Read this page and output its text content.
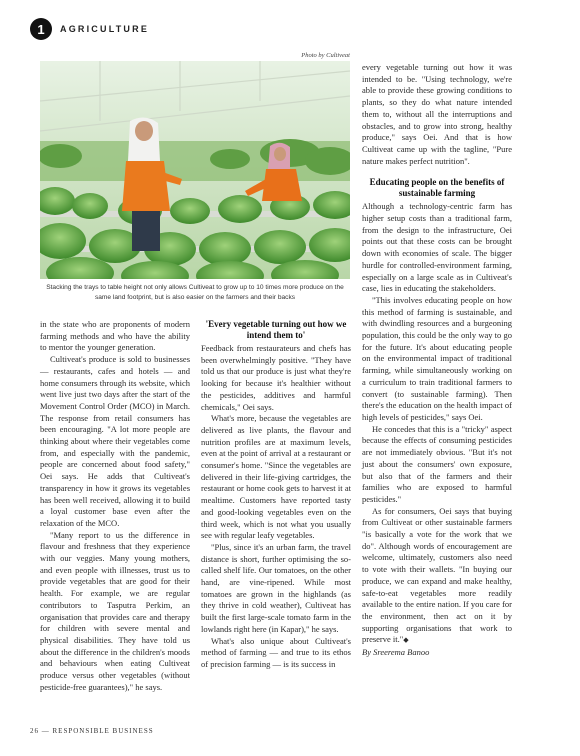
1	AGRICULTURE
Photo by Cultiveat
Stacking the trays to table height not only allows Cultiveat to grow up to 10 times more produce on the same land footprint, but is also easier on the farmers and their backs

in the state who are proponents of modern farming methods and who have the ability to mentor the younger generation.

Cultiveat's produce is sold to businesses — restaurants, cafes and hotels — and home consumers through its website, which went live just two days after the start of the Movement Control Order (MCO) in March. The response from retail consumers has been encouraging. "A lot more people are thinking about where their vegetables come from, and especially with the pandemic, people are concerned about food safety," Oei says. He adds that Cultiveat's transparency in how it grows its vegetables has been well received, allowing it to build a loyal customer base even after the relaxation of the MCO.

"Many report to us the difference in flavour and freshness that they experience with our veggies. Many young mothers, and even people with illnesses, trust us to provide vegetables that are good for their health. For example, we are regular contributors to Tasputra Perkim, an organisation that provides care and therapy for children with severe mental and physical disabilities. They have told us about the difference in the children's moods and behaviours when eating Cultiveat produce versus other vegetables (without pesticide-free guarantees)," he says.

'Every vegetable turning out how we intend them to'

Feedback from restaurateurs and chefs has been overwhelmingly positive. "They have told us that our produce is just what they're looking for because it's healthier without the pesticides, additives and harmful chemicals," Oei says.

What's more, because the vegetables are delivered as live plants, the flavour and nutrition profiles are at maximum levels, even at the point of arrival at a restaurant or consumer's home. "Since the vegetables are delivered in their life-giving cartridges, the restaurant or home cook gets to harvest it at mealtime. Customers have reported tasty and good-looking vegetables even on the third week, which is not what you usually see with regular leafy vegetables.

"Plus, since it's an urban farm, the travel distance is short, further optimising the so-called shelf life. Our tomatoes, on the other hand, are vine-ripened. While most tomatoes are grown in the highlands (as they thrive in cold weather), Cultiveat has built the first large-scale tomato farm in the lowlands right here (in Kapar)," he says.

What's also unique about Cultiveat's method of farming — and true to its ethos of precision farming — is its success in

every vegetable turning out how it was intended to be. "Using technology, we're able to provide these growing conditions to plants, so they do what nature intended them to, without all the interruptions and obstacles, and to grow into strong, healthy produce," says Oei. And that is how Cultiveat came up with the tagline, "Pure nature makes perfect nutrition".

Educating people on the benefits of sustainable farming

Although a technology-centric farm has higher setup costs than a traditional farm, from the design to the infrastructure, Oei points out that these costs can be brought down with economies of scale. The bigger hurdle for controlled-environment farming, especially on a large scale as in Cultiveat's case, lies in educating the stakeholders.

"This involves educating people on how this method of farming is sustainable, and with dwindling resources and a burgeoning population, this could be the only way to go for the future. It's about educating people on the environmental impact of traditional farming, while simultaneously working on a curriculum to train traditional farmers to convert (to sustainable farming). Then there's the education on the health impact of high levels of pesticides," says Oei.

He concedes that this is a "tricky" aspect because the effects of consuming pesticides are not immediately obvious. "But it's not just about the consumers' own exposure, but also that of the farmers and their families who are exposed to harmful pesticides."

As for consumers, Oei says that buying from Cultiveat or other sustainable farmers "is basically a vote for the work that we do". Although words of encouragement are welcome, ultimately, customers also need to vote with their wallets. "In buying our produce, we can expand and make healthy, safe-to-eat vegetables more readily available to the entire nation. If you care for the environment, then act on it by supporting organisations that work to preserve it."◆

By Sreerema Banoo

26 — RESPONSIBLE BUSINESS
